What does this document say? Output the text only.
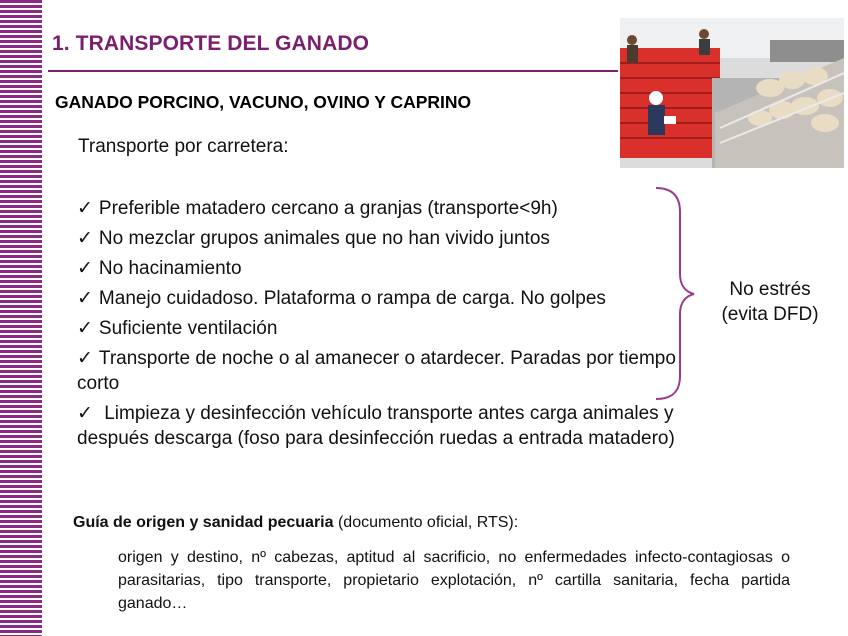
1. TRANSPORTE DEL GANADO
GANADO PORCINO, VACUNO, OVINO Y CAPRINO
Transporte por carretera:
✓ Preferible matadero cercano a granjas (transporte<9h)
✓ No mezclar grupos animales que no han vivido juntos
✓ No hacinamiento
✓ Manejo cuidadoso. Plataforma o rampa de carga. No golpes
✓ Suficiente ventilación
✓ Transporte de noche o al amanecer o atardecer. Paradas por tiempo corto
✓ Limpieza y desinfección vehículo transporte antes carga animales y después descarga (foso para desinfección ruedas a entrada matadero)
No estrés
(evita DFD)
Guía de origen y sanidad pecuaria (documento oficial, RTS):
origen y destino, nº cabezas, aptitud al sacrificio, no enfermedades infecto-contagiosas o parasitarias, tipo transporte, propietario explotación, nº cartilla sanitaria, fecha partida ganado…
